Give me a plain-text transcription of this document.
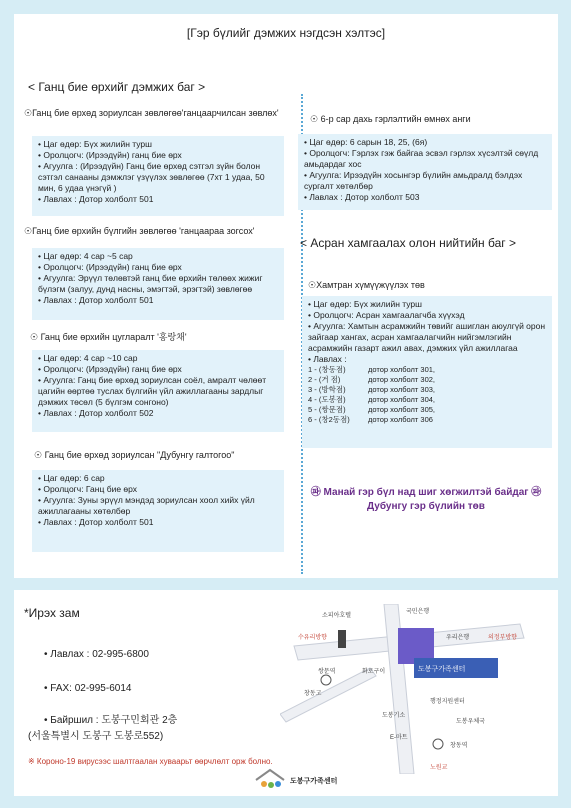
[Гэр бүлийг дэмжих нэгдсэн хэлтэс]
< Ганц бие өрхийг дэмжих баг >
☉Ганц бие өрхөд зориулсан зөвлөгөө'ганцаарчилсан зөвлөх'
• Цаг өдөр: Бүх жилийн турш
• Оролцогч: (Ирээдүйн) ганц бие өрх
• Агуулга : (Ирээдүйн) Ганц бие өрхөд сэтгэл зүйн болон сэтгэл санааны дэмжлэг үзүүлэх зөвлөгөө (7хт 1 удаа, 50 мин, 6 удаа үнэгүй )
• Лавлах : Дотор холболт 501
☉Ганц бие өрхийн бүлгийн зөвлөгөө 'ганцаараа зогсох'
• Цаг өдөр: 4 сар ~5 сар
• Оролцогч: (Ирээдүйн) ганц бие өрх
• Агуулга: Эрүүл төлөвтэй ганц бие өрхийн төлөөх жижиг бүлэгм (залуу, дунд насны, эмэгтэй, эрэгтэй) зөвлөгөө
• Лавлах : Дотор холболт 501
☉ Ганц бие өрхийн цугларалт '홍랑채'
• Цаг өдөр: 4 сар ~10 сар
• Оролцогч: (Ирээдүйн) ганц бие өрх
• Агуулга: Ганц бие өрхөд зориулсан соёл, амралт чөлөөт цагийн өөртөө туслах бүлгийн үйл ажиллагааны зардлыг дэмжих төсөл (5 бүлгэм сонгоно)
• Лавлах : Дотор холболт 502
☉ Ганц бие өрхөд зориулсан "Дубунгу галтогоо"
• Цаг өдөр: 6 сар
• Оролцогч: Ганц бие өрх
• Агуулга: Зуны эрүүл мэндэд зориулсан хоол хийх үйл ажиллагааны хөтөлбөр
• Лавлах : Дотор холболт 501
☉ 6-р сар дахь гэрлэлтийн өмнөх анги
• Цаг өдөр: 6 сарын 18, 25, (6я)
• Оролцогч: Гэрлэх гэж байгаа эсвэл гэрлэх хүсэлтэй сөүлд амьдардаг хос
• Агуулга: Ирээдүйн хосынгэр бүлийн амьдралд бэлдэх сургалт хөтөлбөр
• Лавлах : Дотор холболт 503
< Асран хамгаалах олон нийтийн баг >
☉Хамтран хүмүүжүүлэх төв
• Цаг өдөр: Бүх жилийн турш
• Оролцогч: Асран хамгаалагчба хүүхэд
• Агуулга: Хамтын асрамжийн төвийг ашиглан аюулгүй орон зайгаар хангах, асран хамгаалагчийн нийгэмлэгийн асрамжийн газарт ажил авах, дэмжих үйл ажиллагаа
• Лавлах :
1 - (창동점)	дотор холболт 301,
2 - (거 점)	дотор холболт 302,
3 - (방학점)	дотор холболт 303,
4 - (도봉점)	дотор холболт 304,
5 - (쌍문점)	дотор холболт 305,
6 - (창2동점)	дотор холболт 306
㉺ Манай гэр бүл над шиг хөгжилтэй байдаг ㉺
Дубунгу гэр бүлийн төв
*Ирэх зам
• Лавлах : 02-995-6800
• FAX: 02-995-6014
• Байршил : 도봉구민회관 2층
(서울특별시 도봉구 도봉로552)
※ Короно-19 вирусээс шалтгаалан хуваарьт өөрчлөлт орж болно.
도봉구가족센터
도봉구가족센터
소피아호텔
국민은행
우리은행
수유리방향	의정부방향
쌍문역	화로구이
창동고
도봉기소
행정지원센터
E-마트
창동역
노원교
도봉우체국
